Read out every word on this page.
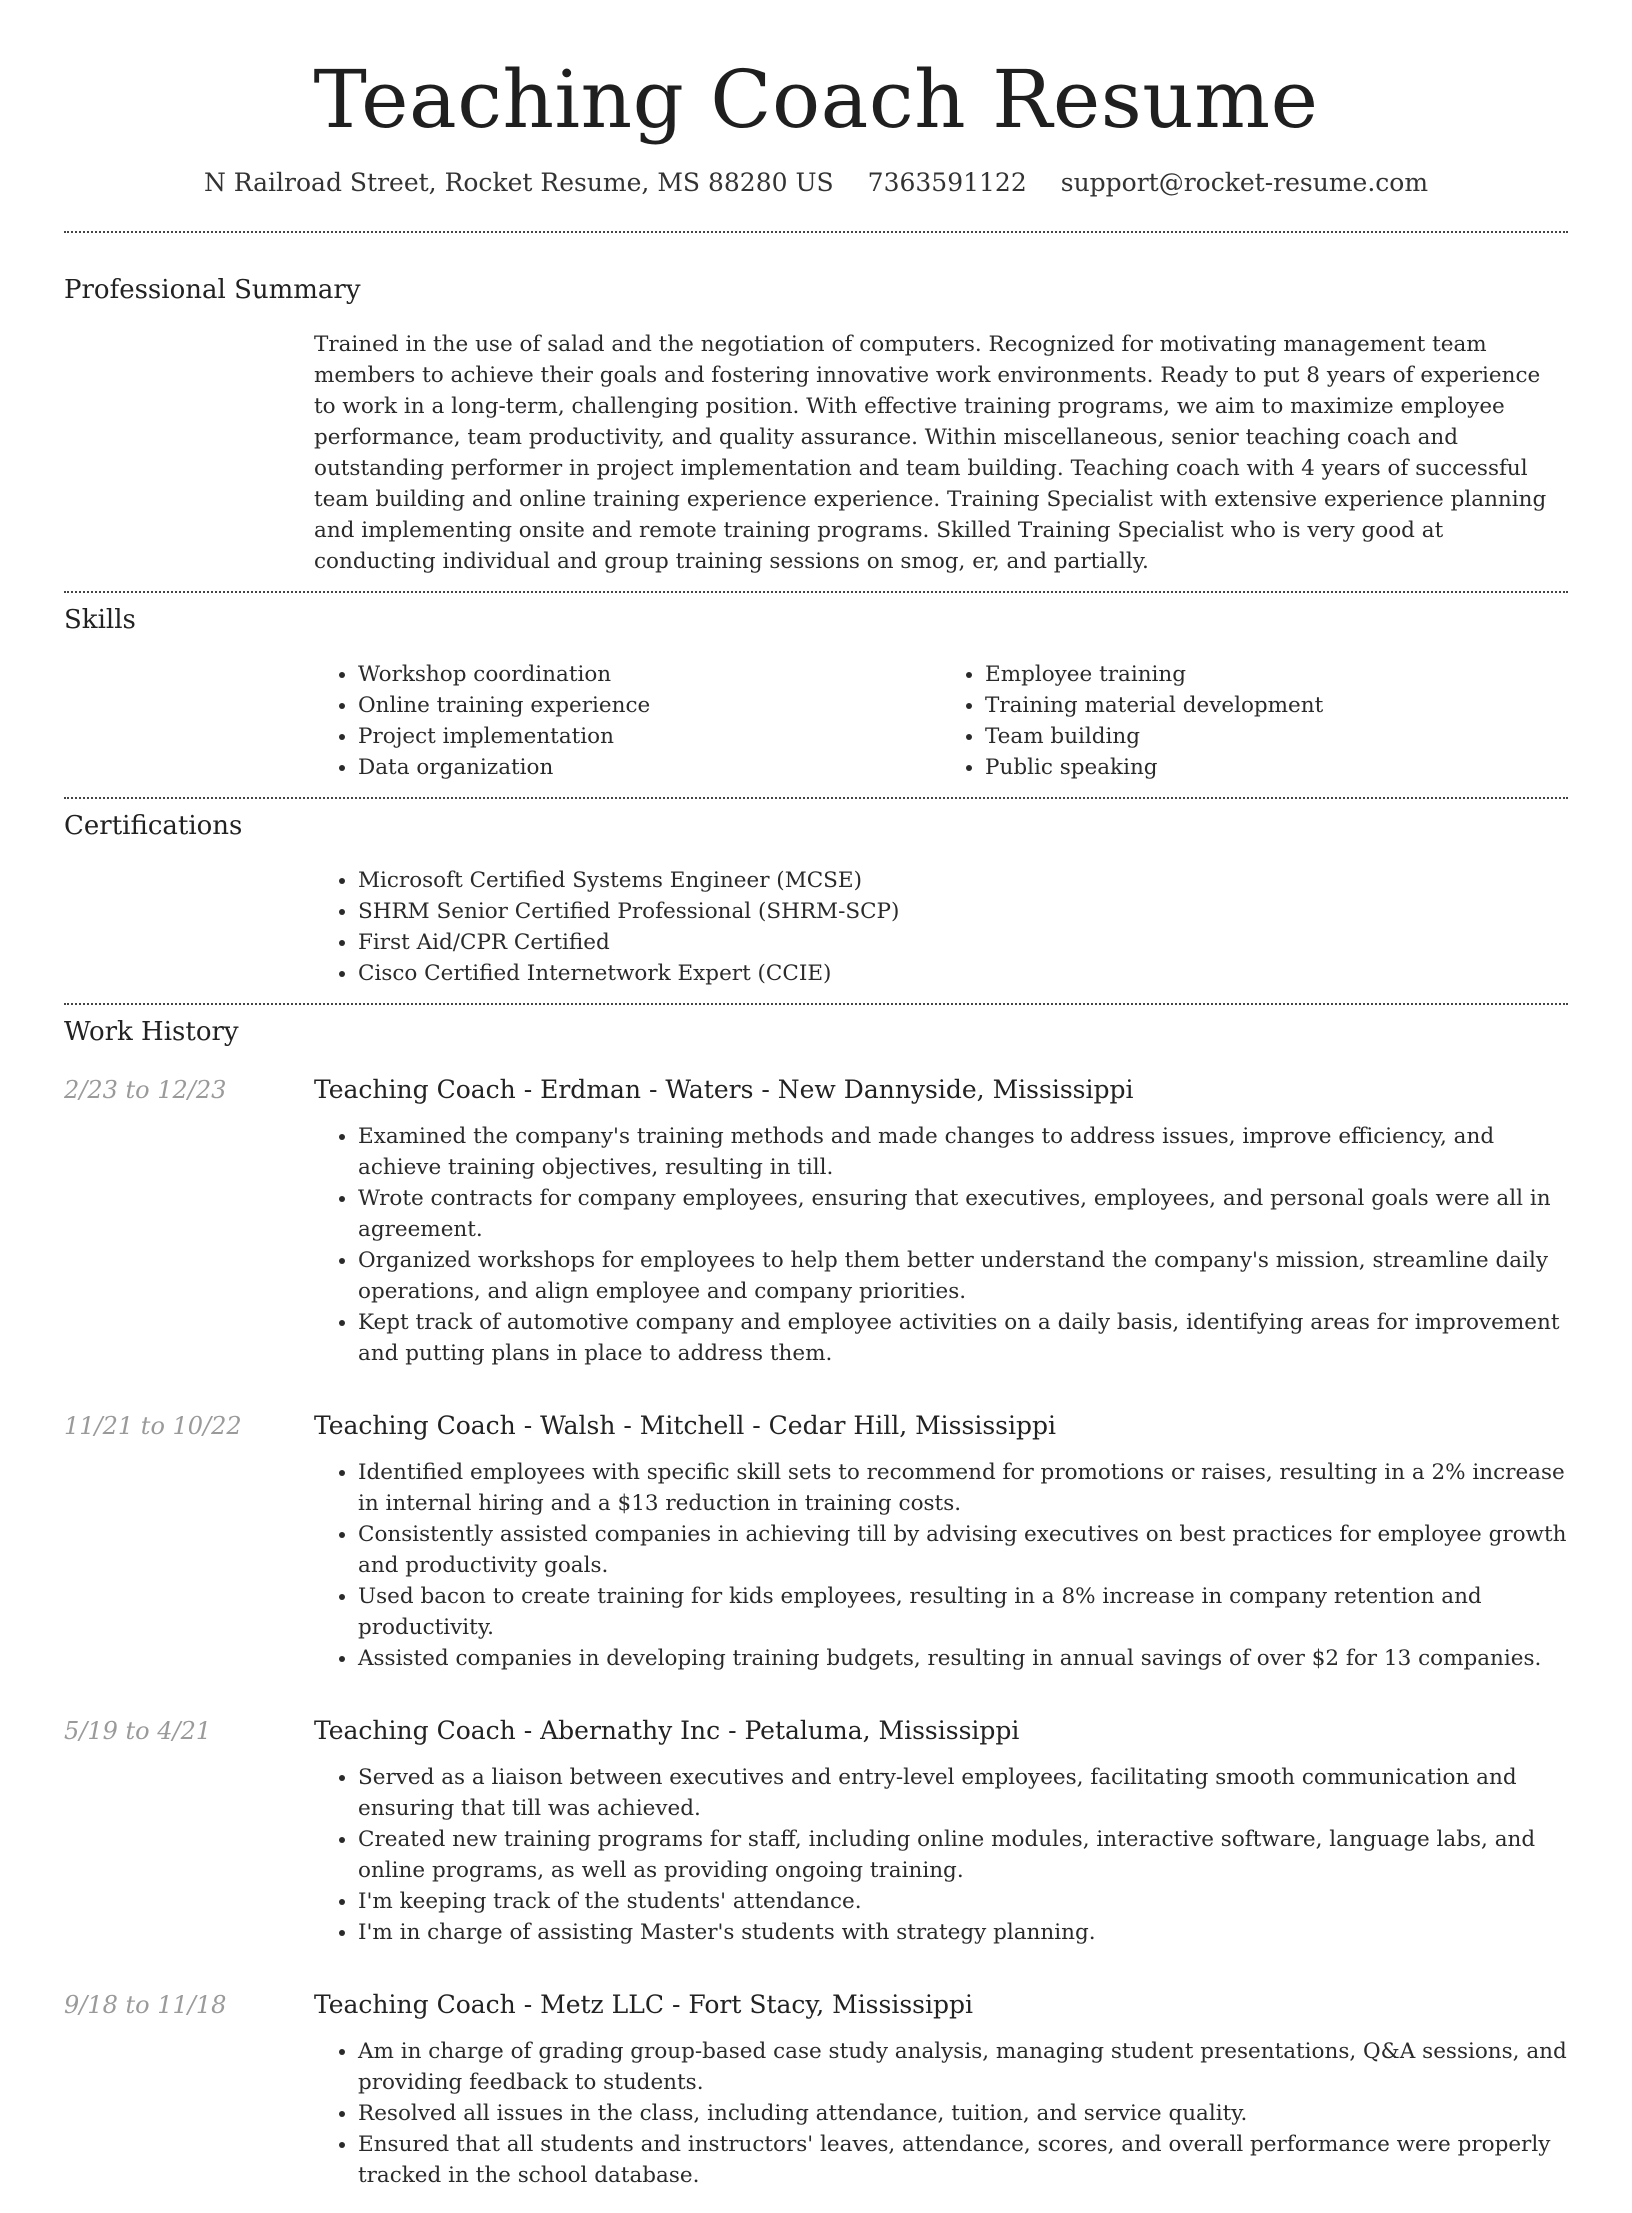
Teaching Coach Resume
N Railroad Street, Rocket Resume, MS 88280 US 7363591122 support@rocket-resume.com
Professional Summary
Trained in the use of salad and the negotiation of computers. Recognized for motivating management team members to achieve their goals and fostering innovative work environments. Ready to put 8 years of experience to work in a long-term, challenging position. With effective training programs, we aim to maximize employee performance, team productivity, and quality assurance. Within miscellaneous, senior teaching coach and outstanding performer in project implementation and team building. Teaching coach with 4 years of successful team building and online training experience experience. Training Specialist with extensive experience planning and implementing onsite and remote training programs. Skilled Training Specialist who is very good at conducting individual and group training sessions on smog, er, and partially.
Skills
• Workshop coordination
• Online training experience
• Project implementation
• Data organization
• Employee training
• Training material development
• Team building
• Public speaking
Certifications
• Microsoft Certified Systems Engineer (MCSE)
• SHRM Senior Certified Professional (SHRM-SCP)
• First Aid/CPR Certified
• Cisco Certified Internetwork Expert (CCIE)
Work History
2/23 to 12/23	Teaching Coach - Erdman - Waters - New Dannyside, Mississippi
• Examined the company's training methods and made changes to address issues, improve efficiency, and achieve training objectives, resulting in till.
• Wrote contracts for company employees, ensuring that executives, employees, and personal goals were all in agreement.
• Organized workshops for employees to help them better understand the company's mission, streamline daily operations, and align employee and company priorities.
• Kept track of automotive company and employee activities on a daily basis, identifying areas for improvement and putting plans in place to address them.
11/21 to 10/22	Teaching Coach - Walsh - Mitchell - Cedar Hill, Mississippi
• Identified employees with specific skill sets to recommend for promotions or raises, resulting in a 2% increase in internal hiring and a $13 reduction in training costs.
• Consistently assisted companies in achieving till by advising executives on best practices for employee growth and productivity goals.
• Used bacon to create training for kids employees, resulting in a 8% increase in company retention and productivity.
• Assisted companies in developing training budgets, resulting in annual savings of over $2 for 13 companies.
5/19 to 4/21	Teaching Coach - Abernathy Inc - Petaluma, Mississippi
• Served as a liaison between executives and entry-level employees, facilitating smooth communication and ensuring that till was achieved.
• Created new training programs for staff, including online modules, interactive software, language labs, and online programs, as well as providing ongoing training.
• I'm keeping track of the students' attendance.
• I'm in charge of assisting Master's students with strategy planning.
9/18 to 11/18	Teaching Coach - Metz LLC - Fort Stacy, Mississippi
• Am in charge of grading group-based case study analysis, managing student presentations, Q&A sessions, and providing feedback to students.
• Resolved all issues in the class, including attendance, tuition, and service quality.
• Ensured that all students and instructors' leaves, attendance, scores, and overall performance were properly tracked in the school database.
